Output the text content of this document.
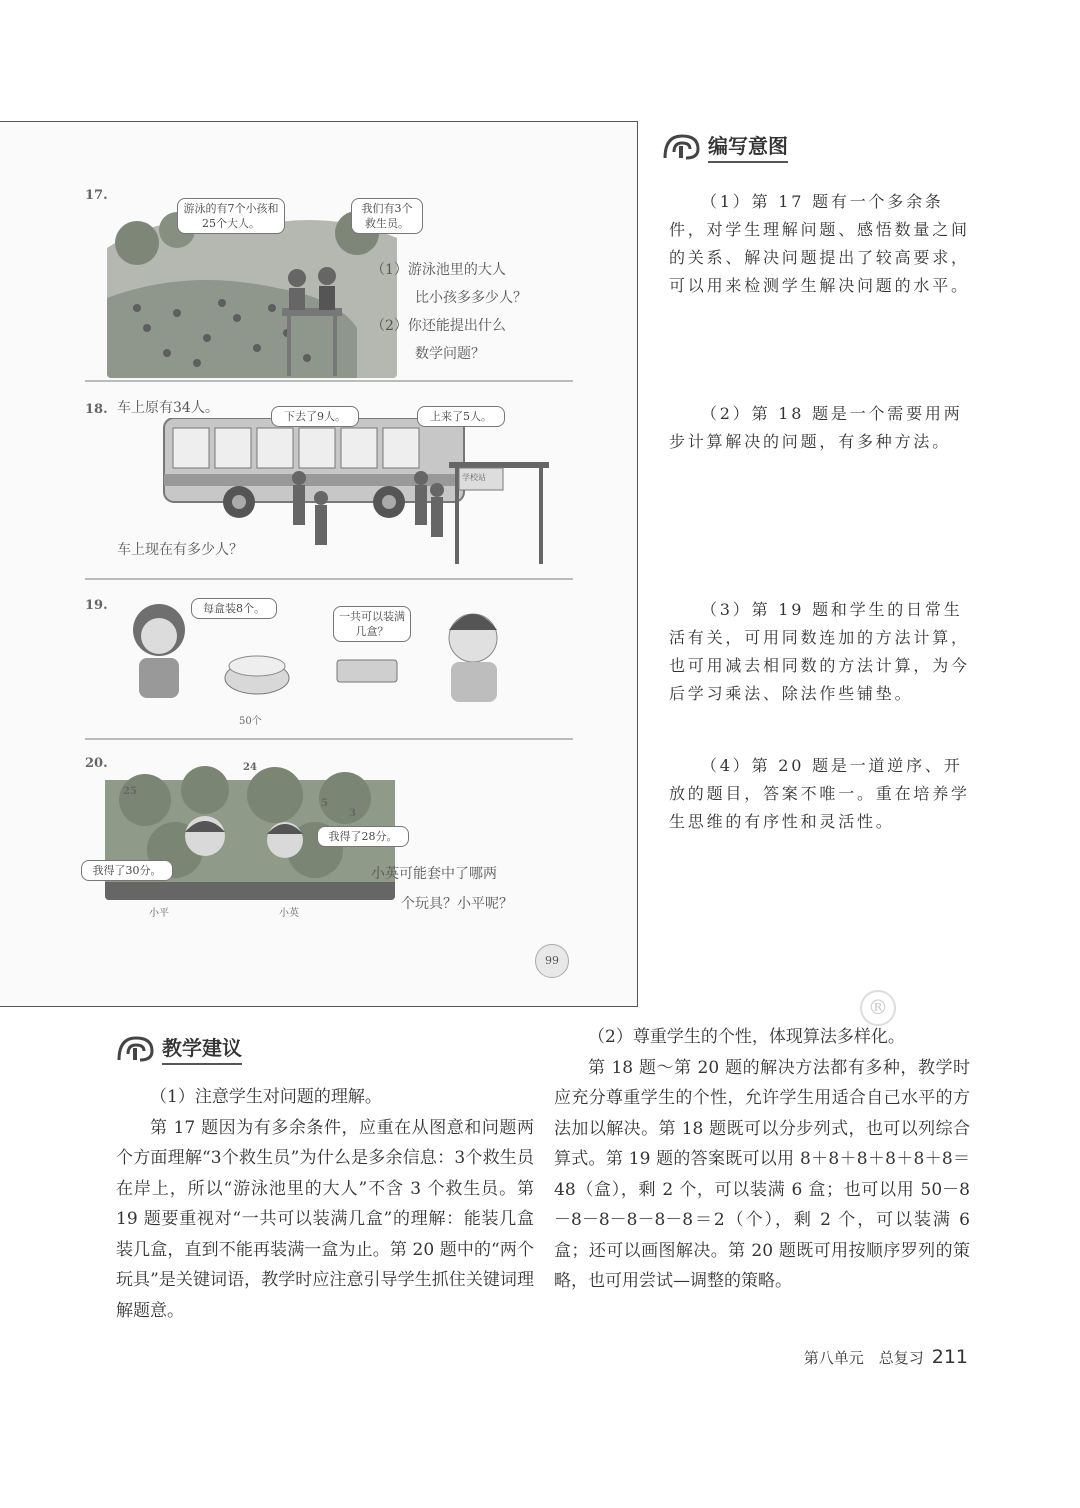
17.
游泳的有7个小孩和25个大人。
我们有3个救生员。
（1）游泳池里的大人
比小孩多多少人？
（2）你还能提出什么
数学问题？
18. 车上原有34人。
下去了9人。	上来了5人。
学校站
车上现在有多少人？
19.	每盒装8个。
一共可以装满几盒？
50个
20.
25
24
5
3
我得了28分。
我得了30分。
小平	小英
小英可能套中了哪两
个玩具？小平呢？
99
编写意图

（1）第 17 题有一个多余条件，对学生理解问题、感悟数量之间的关系、解决问题提出了较高要求，可以用来检测学生解决问题的水平。

（2）第 18 题是一个需要用两步计算解决的问题，有多种方法。

（3）第 19 题和学生的日常生活有关，可用同数连加的方法计算，也可用减去相同数的方法计算，为今后学习乘法、除法作些铺垫。

（4）第 20 题是一道逆序、开放的题目，答案不唯一。重在培养学生思维的有序性和灵活性。

®
教学建议

（1）注意学生对问题的理解。

第 17 题因为有多余条件，应重在从图意和问题两个方面理解“3个救生员”为什么是多余信息：3个救生员在岸上，所以“游泳池里的大人”不含 3 个救生员。第 19 题要重视对“一共可以装满几盒”的理解：能装几盒装几盒，直到不能再装满一盒为止。第 20 题中的“两个玩具”是关键词语，教学时应注意引导学生抓住关键词理解题意。

（2）尊重学生的个性，体现算法多样化。

第 18 题～第 20 题的解决方法都有多种，教学时应充分尊重学生的个性，允许学生用适合自己水平的方法加以解决。第 18 题既可以分步列式，也可以列综合算式。第 19 题的答案既可以用 8＋8＋8＋8＋8＋8＝48（盒），剩 2 个，可以装满 6 盒；也可以用 50－8－8－8－8－8－8＝2（个），剩 2 个，可以装满 6 盒；还可以画图解决。第 20 题既可用按顺序罗列的策略，也可用尝试—调整的策略。

第八单元　总复习 211
